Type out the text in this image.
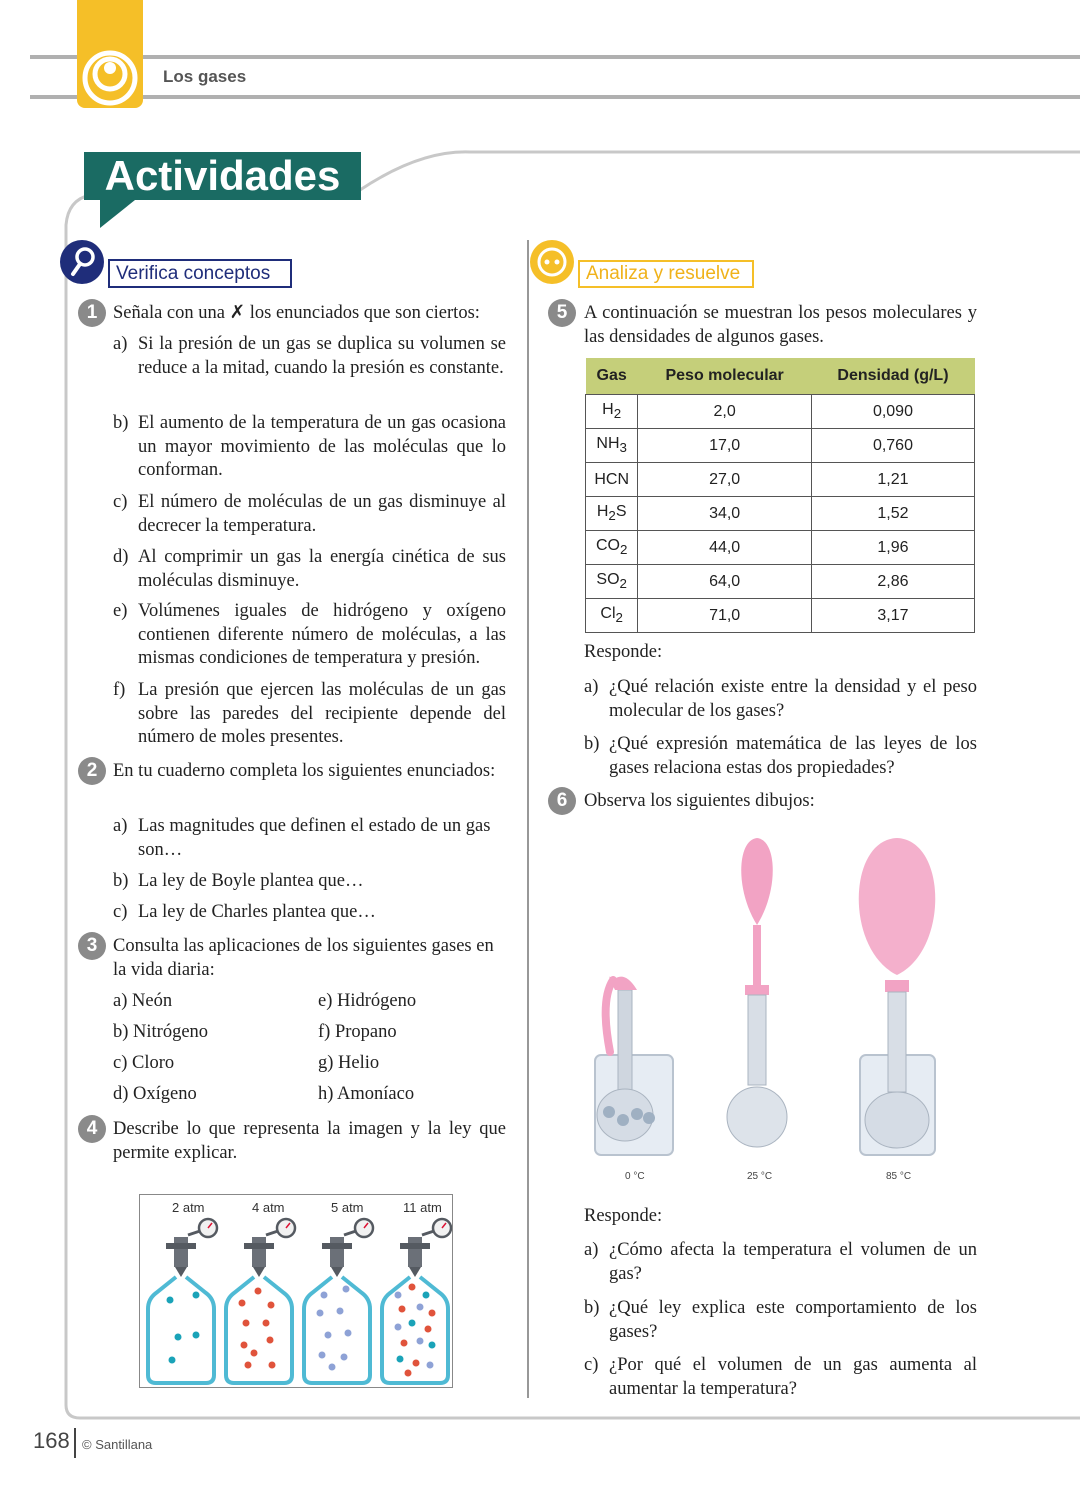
Los gases
Actividades
Verifica conceptos	Analiza y resuelve
1 Señala con una ✗ los enunciados que son ciertos:
a) Si la presión de un gas se duplica su volumen se reduce a la mitad, cuando la presión es constante.
b) El aumento de la temperatura de un gas ocasiona un mayor movimiento de las moléculas que lo conforman.
c) El número de moléculas de un gas disminuye al decrecer la temperatura.
d) Al comprimir un gas la energía cinética de sus moléculas disminuye.
e) Volúmenes iguales de hidrógeno y oxígeno contienen diferente número de moléculas, a las mismas condiciones de temperatura y presión.
f) La presión que ejercen las moléculas de un gas sobre las paredes del recipiente depende del número de moles presentes.
2 En tu cuaderno completa los siguientes enunciados:
a) Las magnitudes que definen el estado de un gas son…
b) La ley de Boyle plantea que…
c) La ley de Charles plantea que…
3 Consulta las aplicaciones de los siguientes gases en la vida diaria:
a) Neón
b) Nitrógeno
c) Cloro
d) Oxígeno
e) Hidrógeno
f) Propano
g) Helio
h) Amoníaco
4 Describe lo que representa la imagen y la ley que permite explicar.
2 atm	4 atm	5 atm	11 atm
5 A continuación se muestran los pesos moleculares y las densidades de algunos gases.
Gas	Peso molecular	Densidad (g/L)
$H_2$	2,0	0,090
$NH_3$	17,0	0,760
HCN	27,0	1,21
$H_2S$	34,0	1,52
$CO_2$	44,0	1,96
$SO_2$	64,0	2,86
$Cl_2$	71,0	3,17
Responde:
a) ¿Qué relación existe entre la densidad y el peso molecular de los gases?
b) ¿Qué expresión matemática de las leyes de los gases relaciona estas dos propiedades?
6 Observa los siguientes dibujos:
0 °C	25 °C	85 °C
Responde:
a) ¿Cómo afecta la temperatura el volumen de un gas?
b) ¿Qué ley explica este comportamiento de los gases?
c) ¿Por qué el volumen de un gas aumenta al aumentar la temperatura?
168 © Santillana
